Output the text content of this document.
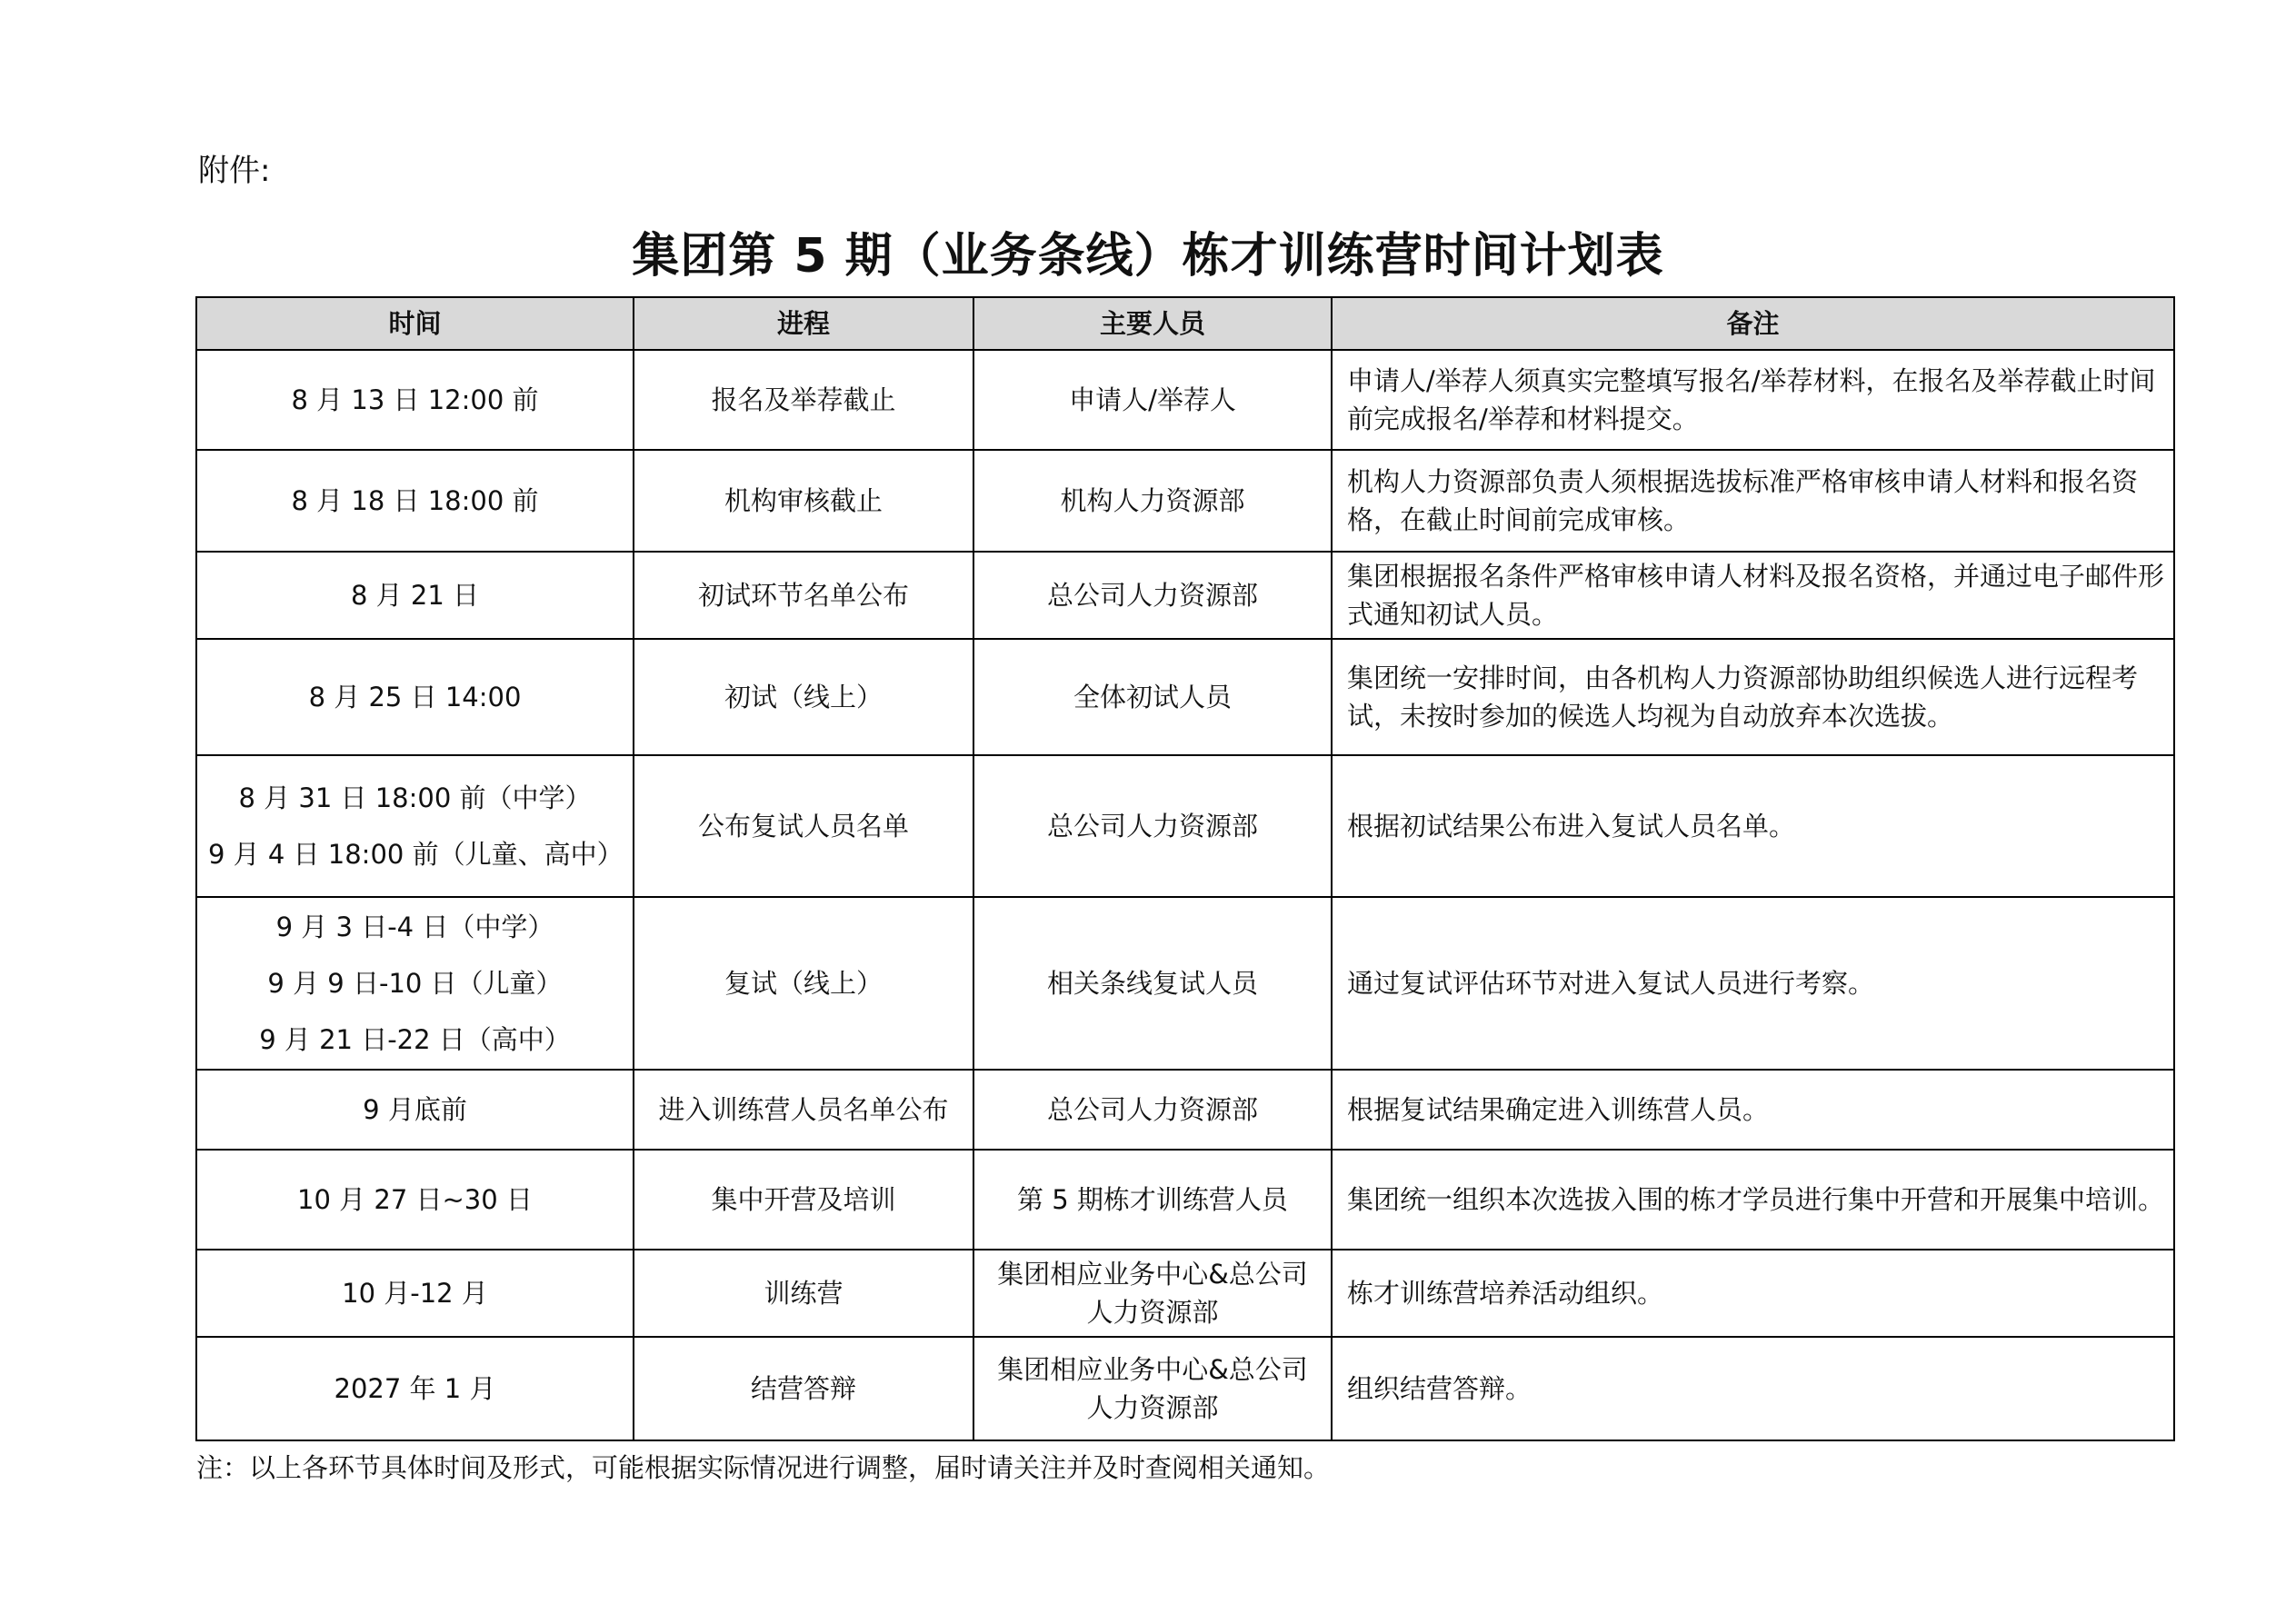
附件:
集团第 5 期（业务条线）栋才训练营时间计划表
时间	进程	主要人员	备注

8 月 13 日 12:00 前	报名及举荐截止	申请人/举荐人	申请人/举荐人须真实完整填写报名/举荐材料，在报名及举荐截止时间前完成报名/举荐和材料提交。

8 月 18 日 18:00 前	机构审核截止	机构人力资源部	机构人力资源部负责人须根据选拔标准严格审核申请人材料和报名资格，在截止时间前完成审核。

8 月 21 日	初试环节名单公布	总公司人力资源部	集团根据报名条件严格审核申请人材料及报名资格，并通过电子邮件形式通知初试人员。

8 月 25 日 14:00	初试（线上）	全体初试人员	集团统一安排时间，由各机构人力资源部协助组织候选人进行远程考试，未按时参加的候选人均视为自动放弃本次选拔。

8 月 31 日 18:00 前（中学）
9 月 4 日 18:00 前（儿童、高中）	公布复试人员名单	总公司人力资源部	根据初试结果公布进入复试人员名单。

9 月 3 日-4 日（中学）
9 月 9 日-10 日（儿童）
9 月 21 日-22 日（高中）	复试（线上）	相关条线复试人员	通过复试评估环节对进入复试人员进行考察。

9 月底前	进入训练营人员名单公布	总公司人力资源部	根据复试结果确定进入训练营人员。

10 月 27 日~30 日	集中开营及培训	第 5 期栋才训练营人员	集团统一组织本次选拔入围的栋才学员进行集中开营和开展集中培训。

10 月-12 月	训练营	集团相应业务中心&总公司人力资源部	栋才训练营培养活动组织。

2027 年 1 月	结营答辩	集团相应业务中心&总公司人力资源部	组织结营答辩。
注：以上各环节具体时间及形式，可能根据实际情况进行调整，届时请关注并及时查阅相关通知。
